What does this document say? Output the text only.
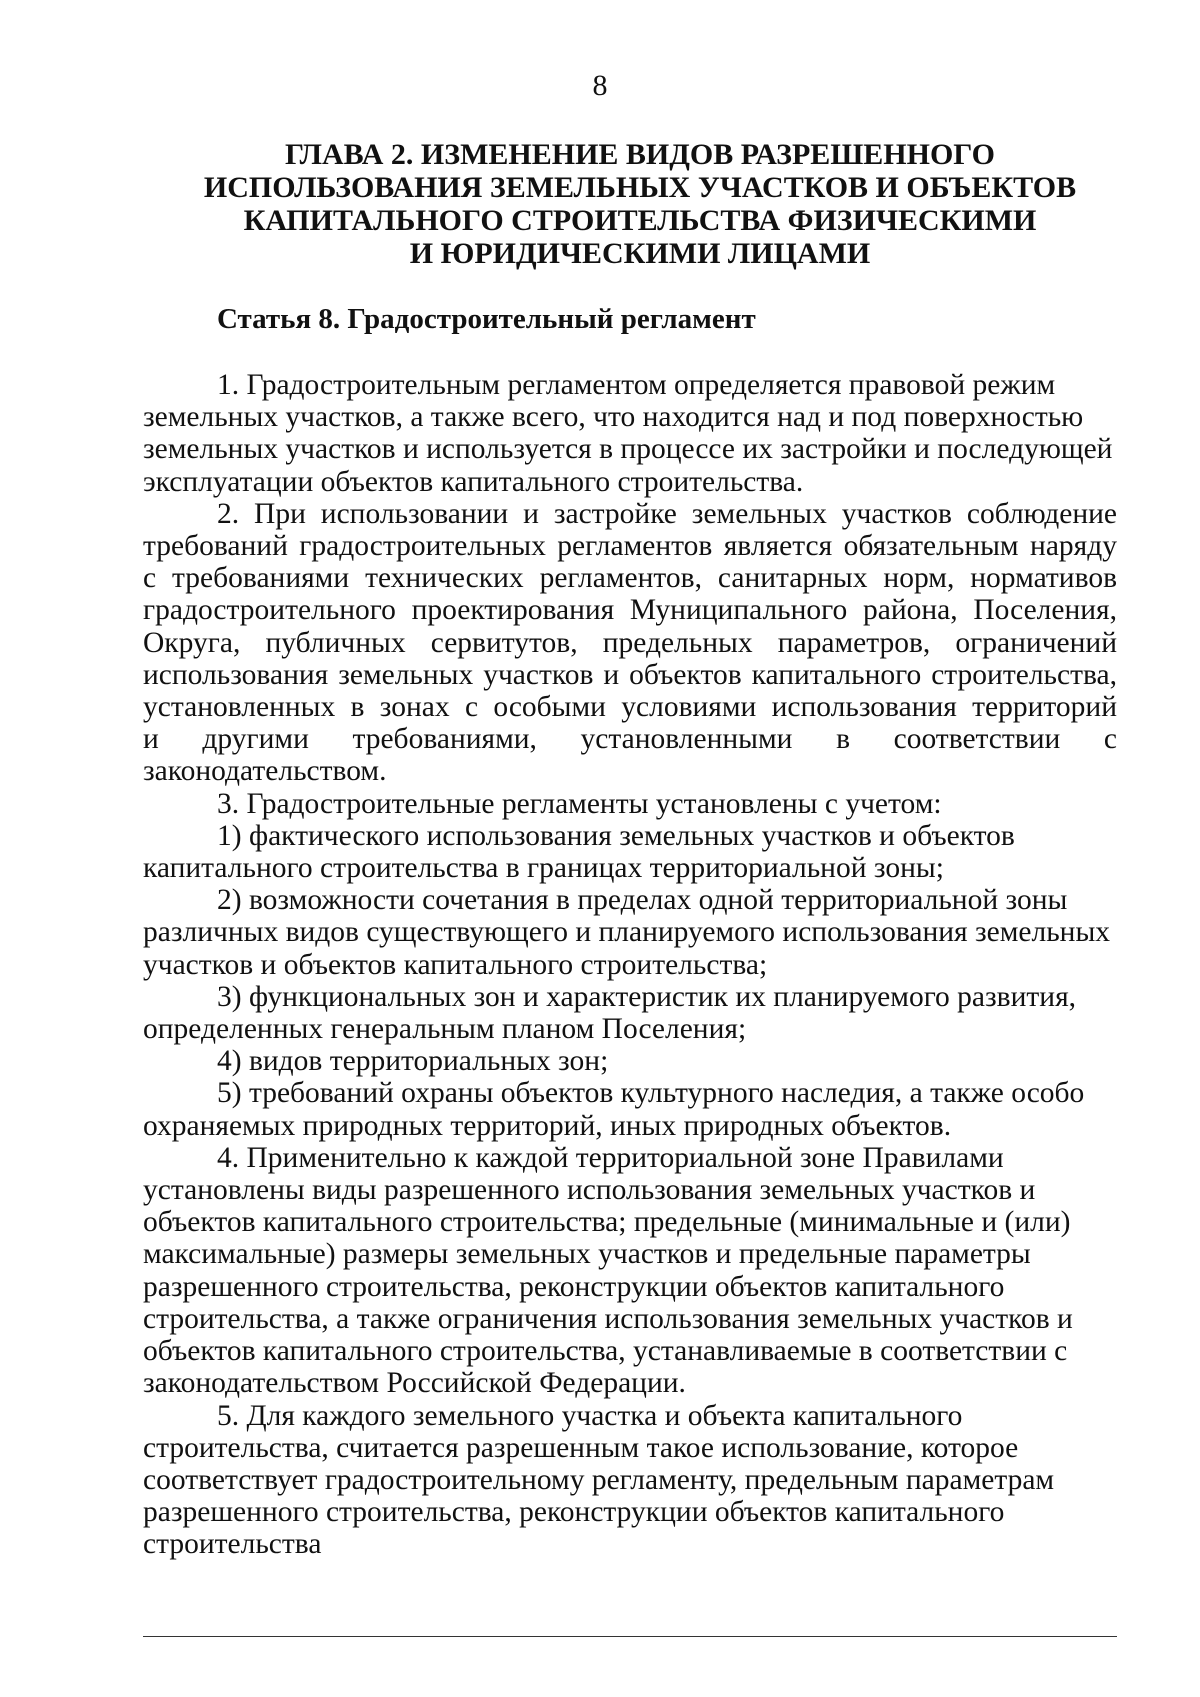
8
ГЛАВА 2. ИЗМЕНЕНИЕ ВИДОВ РАЗРЕШЕННОГО
ИСПОЛЬЗОВАНИЯ ЗЕМЕЛЬНЫХ УЧАСТКОВ И ОБЪЕКТОВ
КАПИТАЛЬНОГО СТРОИТЕЛЬСТВА ФИЗИЧЕСКИМИ
И ЮРИДИЧЕСКИМИ ЛИЦАМИ
Статья 8. Градостроительный регламент

1. Градостроительным регламентом определяется правовой режим
земельных участков, а также всего, что находится над и под поверхностью
земельных участков и используется в процессе их застройки и последующей
эксплуатации объектов капитального строительства.

2. При использовании и застройке земельных участков соблюдение
требований градостроительных регламентов является обязательным наряду
с требованиями технических регламентов, санитарных норм, нормативов
градостроительного проектирования Муниципального района, Поселения,
Округа, публичных сервитутов, предельных параметров, ограничений
использования земельных участков и объектов капитального строительства,
установленных в зонах с особыми условиями использования территорий
и другими требованиями, установленными в соответствии с законодательством.

3. Градостроительные регламенты установлены с учетом:

1) фактического использования земельных участков и объектов
капитального строительства в границах территориальной зоны;

2) возможности сочетания в пределах одной территориальной зоны
различных видов существующего и планируемого использования земельных
участков и объектов капитального строительства;

3) функциональных зон и характеристик их планируемого развития,
определенных генеральным планом Поселения;

4) видов территориальных зон;

5) требований охраны объектов культурного наследия, а также особо
охраняемых природных территорий, иных природных объектов.

4. Применительно к каждой территориальной зоне Правилами
установлены виды разрешенного использования земельных участков и
объектов капитального строительства; предельные (минимальные и (или)
максимальные) размеры земельных участков и предельные параметры
разрешенного строительства, реконструкции объектов капитального
строительства, а также ограничения использования земельных участков и
объектов капитального строительства, устанавливаемые в соответствии с
законодательством Российской Федерации.

5. Для каждого земельного участка и объекта капитального
строительства, считается разрешенным такое использование, которое
соответствует градостроительному регламенту, предельным параметрам
разрешенного строительства, реконструкции объектов капитального
строительства
